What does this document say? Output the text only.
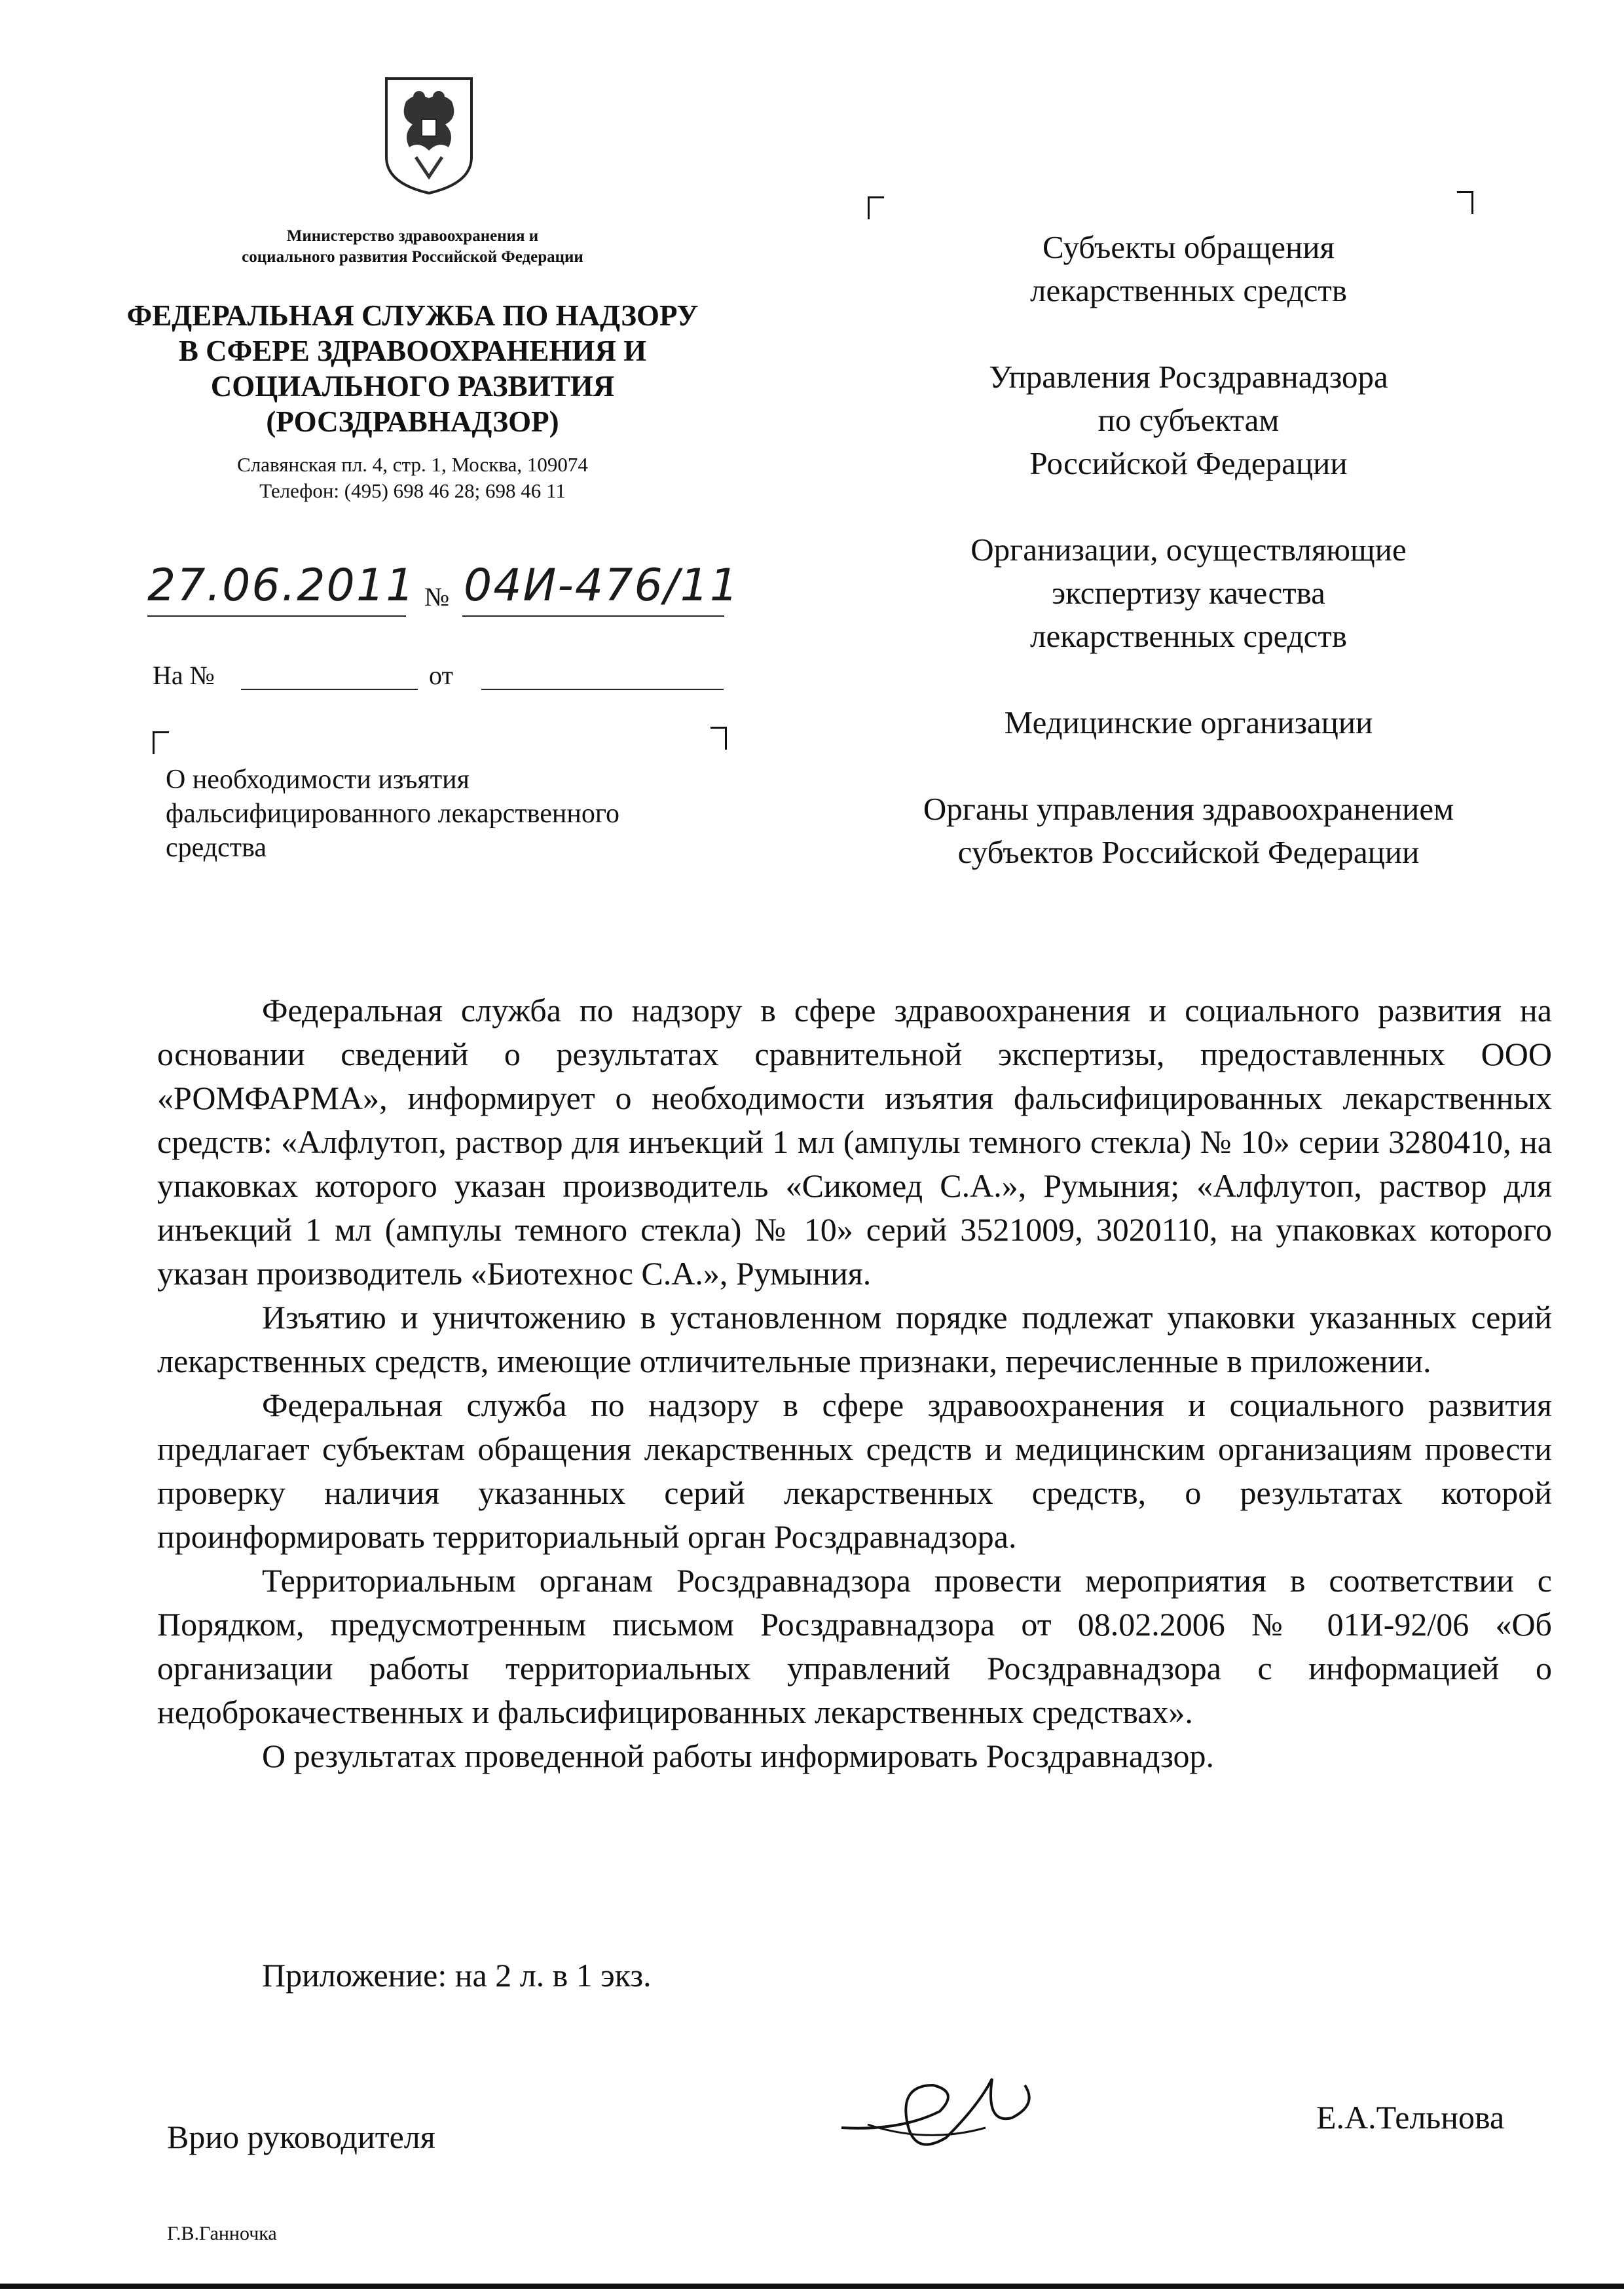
Министерство здравоохранения и
социального развития Российской Федерации
ФЕДЕРАЛЬНАЯ СЛУЖБА ПО НАДЗОРУ
В СФЕРЕ ЗДРАВООХРАНЕНИЯ И
СОЦИАЛЬНОГО РАЗВИТИЯ
(РОСЗДРАВНАДЗОР)
Славянская пл. 4, стр. 1, Москва, 109074
Телефон: (495) 698 46 28; 698 46 11
27.06.2011 № 04И-476/11
На №	от
О необходимости изъятия
фальсифицированного лекарственного
средства
Субъекты обращения
лекарственных средств
Управления Росздравнадзора
по субъектам
Российской Федерации
Организации, осуществляющие
экспертизу качества
лекарственных средств
Медицинские организации
Органы управления здравоохранением
субъектов Российской Федерации

Федеральная служба по надзору в сфере здравоохранения и социального развития на основании сведений о результатах сравнительной экспертизы, предоставленных ООО «РОМФАРМА», информирует о необходимости изъятия фальсифицированных лекарственных средств: «Алфлутоп, раствор для инъекций 1 мл (ампулы темного стекла) № 10» серии 3280410, на упаковках которого указан производитель «Сикомед С.А.», Румыния; «Алфлутоп, раствор для инъекций 1 мл (ампулы темного стекла) № 10» серий 3521009, 3020110, на упаковках которого указан производитель «Биотехнос С.А.», Румыния.

Изъятию и уничтожению в установленном порядке подлежат упаковки указанных серий лекарственных средств, имеющие отличительные признаки, перечисленные в приложении.

Федеральная служба по надзору в сфере здравоохранения и социального развития предлагает субъектам обращения лекарственных средств и медицинским организациям провести проверку наличия указанных серий лекарственных средств, о результатах которой проинформировать территориальный орган Росздравнадзора.

Территориальным органам Росздравнадзора провести мероприятия в соответствии с Порядком, предусмотренным письмом Росздравнадзора от 08.02.2006 № 01И-92/06 «Об организации работы территориальных управлений Росздравнадзора с информацией о недоброкачественных и фальсифицированных лекарственных средствах».

О результатах проведенной работы информировать Росздравнадзор.

Приложение: на 2 л. в 1 экз.
Врио руководителя
Е.А.Тельнова
Г.В.Ганночка
